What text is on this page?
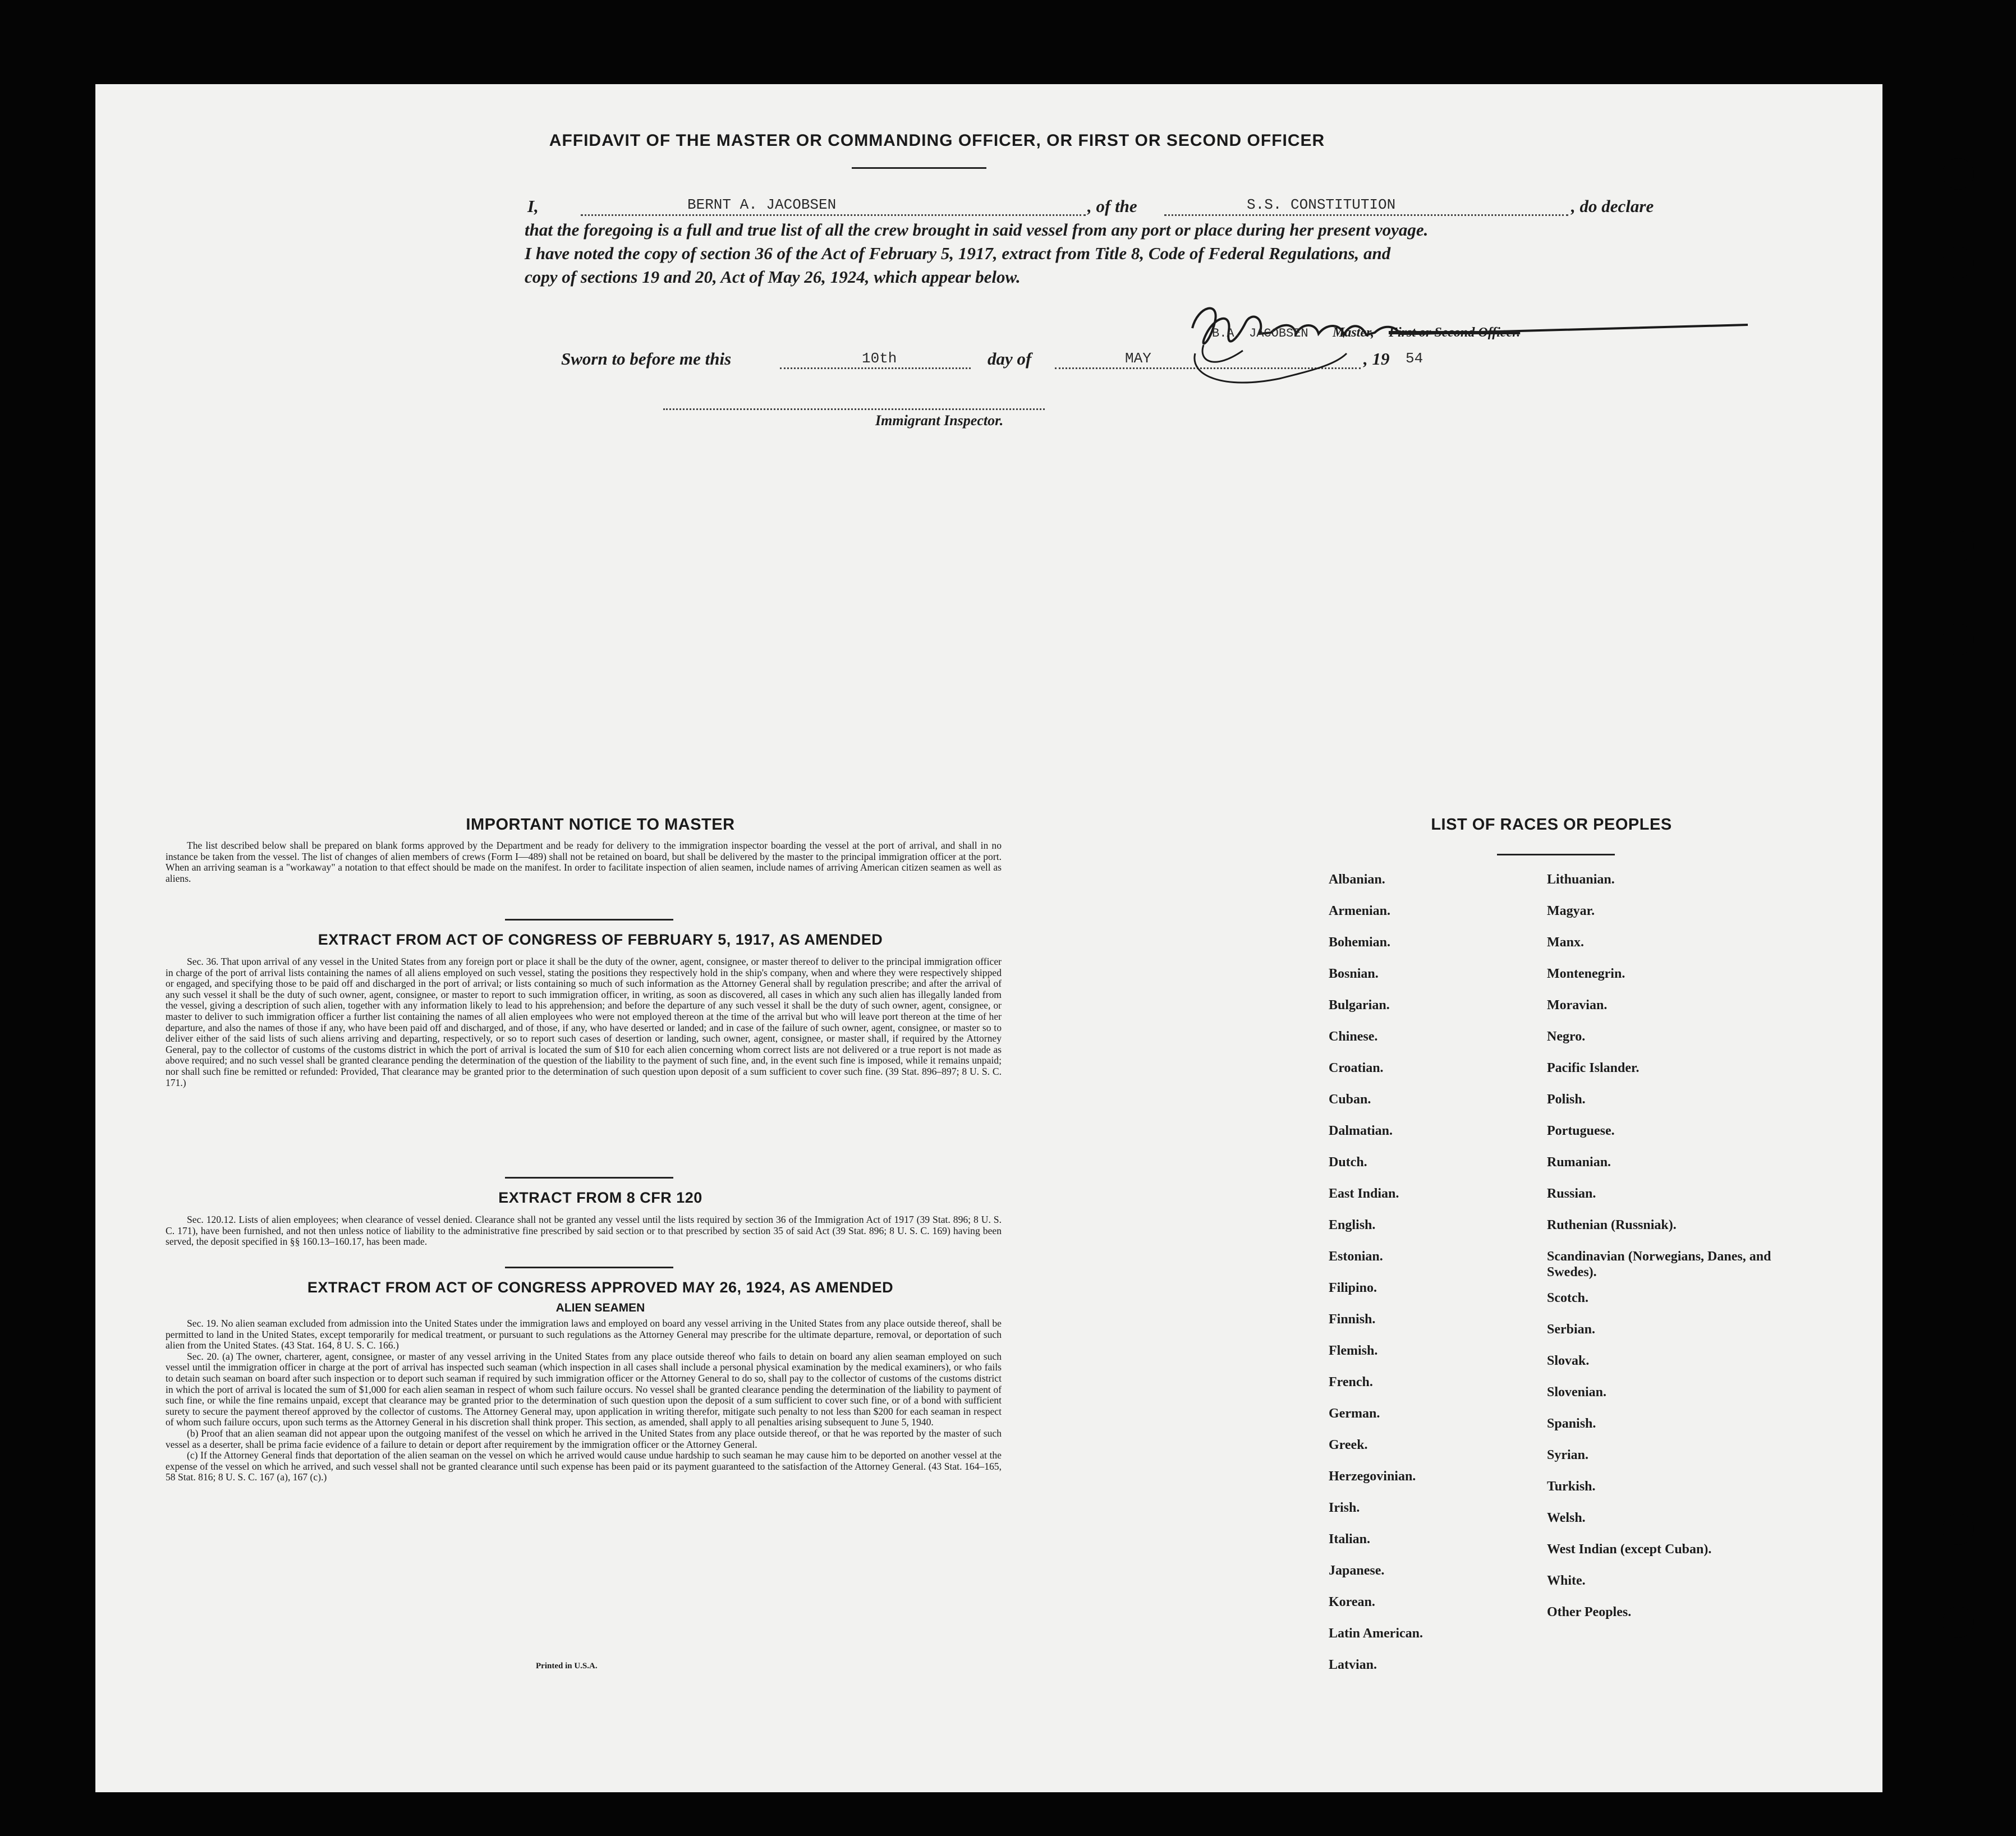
AFFIDAVIT OF THE MASTER OR COMMANDING OFFICER, OR FIRST OR SECOND OFFICER
I,	BERNT A. JACOBSEN	, of the	S.S. CONSTITUTION	, do declare
that the foregoing is a full and true list of all the crew brought in said vessel from any port or place during her present voyage.
I have noted the copy of section 36 of the Act of February 5, 1917, extract from Title 8, Code of Federal Regulations, and
copy of sections 19 and 20, Act of May 26, 1924, which appear below.
B.A. JACOBSEN Master, First or Second Officer.
Sworn to before me this	10th	day of	MAY	, 19 54
Immigrant Inspector.
IMPORTANT NOTICE TO MASTER

The list described below shall be prepared on blank forms approved by the Department and be ready for delivery to the immigration inspector boarding the vessel at the port of arrival, and shall in no instance be taken from the vessel. The list of changes of alien members of crews (Form I—489) shall not be retained on board, but shall be delivered by the master to the principal immigration officer at the port. When an arriving seaman is a "workaway" a notation to that effect should be made on the manifest. In order to facilitate inspection of alien seamen, include names of arriving American citizen seamen as well as aliens.

EXTRACT FROM ACT OF CONGRESS OF FEBRUARY 5, 1917, AS AMENDED

Sec. 36. That upon arrival of any vessel in the United States from any foreign port or place it shall be the duty of the owner, agent, consignee, or master thereof to deliver to the principal immigration officer in charge of the port of arrival lists containing the names of all aliens employed on such vessel, stating the positions they respectively hold in the ship's company, when and where they were respectively shipped or engaged, and specifying those to be paid off and discharged in the port of arrival; or lists containing so much of such information as the Attorney General shall by regulation prescribe; and after the arrival of any such vessel it shall be the duty of such owner, agent, consignee, or master to report to such immigration officer, in writing, as soon as discovered, all cases in which any such alien has illegally landed from the vessel, giving a description of such alien, together with any information likely to lead to his apprehension; and before the departure of any such vessel it shall be the duty of such owner, agent, consignee, or master to deliver to such immigration officer a further list containing the names of all alien employees who were not employed thereon at the time of the arrival but who will leave port thereon at the time of her departure, and also the names of those if any, who have been paid off and discharged, and of those, if any, who have deserted or landed; and in case of the failure of such owner, agent, consignee, or master so to deliver either of the said lists of such aliens arriving and departing, respectively, or so to report such cases of desertion or landing, such owner, agent, consignee, or master shall, if required by the Attorney General, pay to the collector of customs of the customs district in which the port of arrival is located the sum of $10 for each alien concerning whom correct lists are not delivered or a true report is not made as above required; and no such vessel shall be granted clearance pending the determination of the question of the liability to the payment of such fine, and, in the event such fine is imposed, while it remains unpaid; nor shall such fine be remitted or refunded: Provided, That clearance may be granted prior to the determination of such question upon deposit of a sum sufficient to cover such fine. (39 Stat. 896–897; 8 U. S. C. 171.)

EXTRACT FROM 8 CFR 120

Sec. 120.12. Lists of alien employees; when clearance of vessel denied. Clearance shall not be granted any vessel until the lists required by section 36 of the Immigration Act of 1917 (39 Stat. 896; 8 U. S. C. 171), have been furnished, and not then unless notice of liability to the administrative fine prescribed by said section or to that prescribed by section 35 of said Act (39 Stat. 896; 8 U. S. C. 169) having been served, the deposit specified in §§ 160.13–160.17, has been made.

EXTRACT FROM ACT OF CONGRESS APPROVED MAY 26, 1924, AS AMENDED
ALIEN SEAMEN

Sec. 19. No alien seaman excluded from admission into the United States under the immigration laws and employed on board any vessel arriving in the United States from any place outside thereof, shall be permitted to land in the United States, except temporarily for medical treatment, or pursuant to such regulations as the Attorney General may prescribe for the ultimate departure, removal, or deportation of such alien from the United States. (43 Stat. 164, 8 U. S. C. 166.)

Sec. 20. (a) The owner, charterer, agent, consignee, or master of any vessel arriving in the United States from any place outside thereof who fails to detain on board any alien seaman employed on such vessel until the immigration officer in charge at the port of arrival has inspected such seaman (which inspection in all cases shall include a personal physical examination by the medical examiners), or who fails to detain such seaman on board after such inspection or to deport such seaman if required by such immigration officer or the Attorney General to do so, shall pay to the collector of customs of the customs district in which the port of arrival is located the sum of $1,000 for each alien seaman in respect of whom such failure occurs. No vessel shall be granted clearance pending the determination of the liability to payment of such fine, or while the fine remains unpaid, except that clearance may be granted prior to the determination of such question upon the deposit of a sum sufficient to cover such fine, or of a bond with sufficient surety to secure the payment thereof approved by the collector of customs. The Attorney General may, upon application in writing therefor, mitigate such penalty to not less than $200 for each seaman in respect of whom such failure occurs, upon such terms as the Attorney General in his discretion shall think proper. This section, as amended, shall apply to all penalties arising subsequent to June 5, 1940.

(b) Proof that an alien seaman did not appear upon the outgoing manifest of the vessel on which he arrived in the United States from any place outside thereof, or that he was reported by the master of such vessel as a deserter, shall be prima facie evidence of a failure to detain or deport after requirement by the immigration officer or the Attorney General.

(c) If the Attorney General finds that deportation of the alien seaman on the vessel on which he arrived would cause undue hardship to such seaman he may cause him to be deported on another vessel at the expense of the vessel on which he arrived, and such vessel shall not be granted clearance until such expense has been paid or its payment guaranteed to the satisfaction of the Attorney General. (43 Stat. 164–165, 58 Stat. 816; 8 U. S. C. 167 (a), 167 (c).)

Printed in U.S.A.
LIST OF RACES OR PEOPLES
Albanian.
Armenian.
Bohemian.
Bosnian.
Bulgarian.
Chinese.
Croatian.
Cuban.
Dalmatian.
Dutch.
East Indian.
English.
Estonian.
Filipino.
Finnish.
Flemish.
French.
German.
Greek.
Herzegovinian.
Irish.
Italian.
Japanese.
Korean.
Latin American.
Latvian.
Lithuanian.
Magyar.
Manx.
Montenegrin.
Moravian.
Negro.
Pacific Islander.
Polish.
Portuguese.
Rumanian.
Russian.
Ruthenian (Russniak).
Scandinavian (Norwegians, Danes, and Swedes).
Scotch.
Serbian.
Slovak.
Slovenian.
Spanish.
Syrian.
Turkish.
Welsh.
West Indian (except Cuban).
White.
Other Peoples.
